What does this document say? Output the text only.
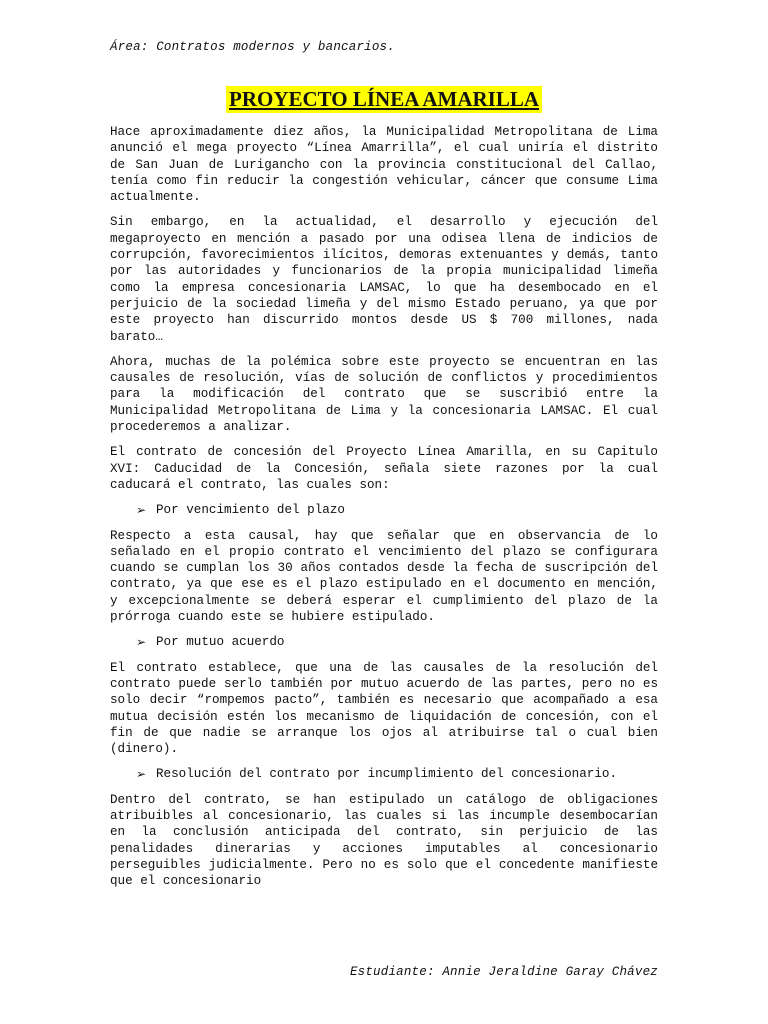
Área: Contratos modernos y bancarios.
PROYECTO LÍNEA AMARILLA

Hace aproximadamente diez años, la Municipalidad Metropolitana de Lima anunció el mega proyecto “Línea Amarrilla”, el cual uniría el distrito de San Juan de Lurigancho con la provincia constitucional del Callao, tenía como fin reducir la congestión vehicular, cáncer que consume Lima actualmente.

Sin embargo, en la actualidad, el desarrollo y ejecución del megaproyecto en mención a pasado por una odisea llena de indicios de corrupción, favorecimientos ilícitos, demoras extenuantes y demás, tanto por las autoridades y funcionarios de la propia municipalidad limeña como la empresa concesionaria LAMSAC, lo que ha desembocado en el perjuicio de la sociedad limeña y del mismo Estado peruano, ya que por este proyecto han discurrido montos desde US $ 700 millones, nada barato…

Ahora, muchas de la polémica sobre este proyecto se encuentran en las causales de resolución, vías de solución de conflictos y procedimientos para la modificación del contrato que se suscribió entre la Municipalidad Metropolitana de Lima y la concesionaria LAMSAC. El cual procederemos a analizar.

El contrato de concesión del Proyecto Línea Amarilla, en su Capitulo XVI: Caducidad de la Concesión, señala siete razones por la cual caducará el contrato, las cuales son:

➢ Por vencimiento del plazo

Respecto a esta causal, hay que señalar que en observancia de lo señalado en el propio contrato el vencimiento del plazo se configurara cuando se cumplan los 30 años contados desde la fecha de suscripción del contrato, ya que ese es el plazo estipulado en el documento en mención, y excepcionalmente se deberá esperar el cumplimiento del plazo de la prórroga cuando este se hubiere estipulado.

➢ Por mutuo acuerdo

El contrato establece, que una de las causales de la resolución del contrato puede serlo también por mutuo acuerdo de las partes, pero no es solo decir “rompemos pacto”, también es necesario que acompañado a esa mutua decisión estén los mecanismo de liquidación de concesión, con el fin de que nadie se arranque los ojos al atribuirse tal o cual bien (dinero).

➢ Resolución del contrato por incumplimiento del concesionario.

Dentro del contrato, se han estipulado un catálogo de obligaciones atribuibles al concesionario, las cuales si las incumple desembocarían en la conclusión anticipada del contrato, sin perjuicio de las penalidades dinerarias y acciones imputables al concesionario perseguibles judicialmente. Pero no es solo que el concedente manifieste que el concesionario

Estudiante: Annie Jeraldine Garay Chávez
